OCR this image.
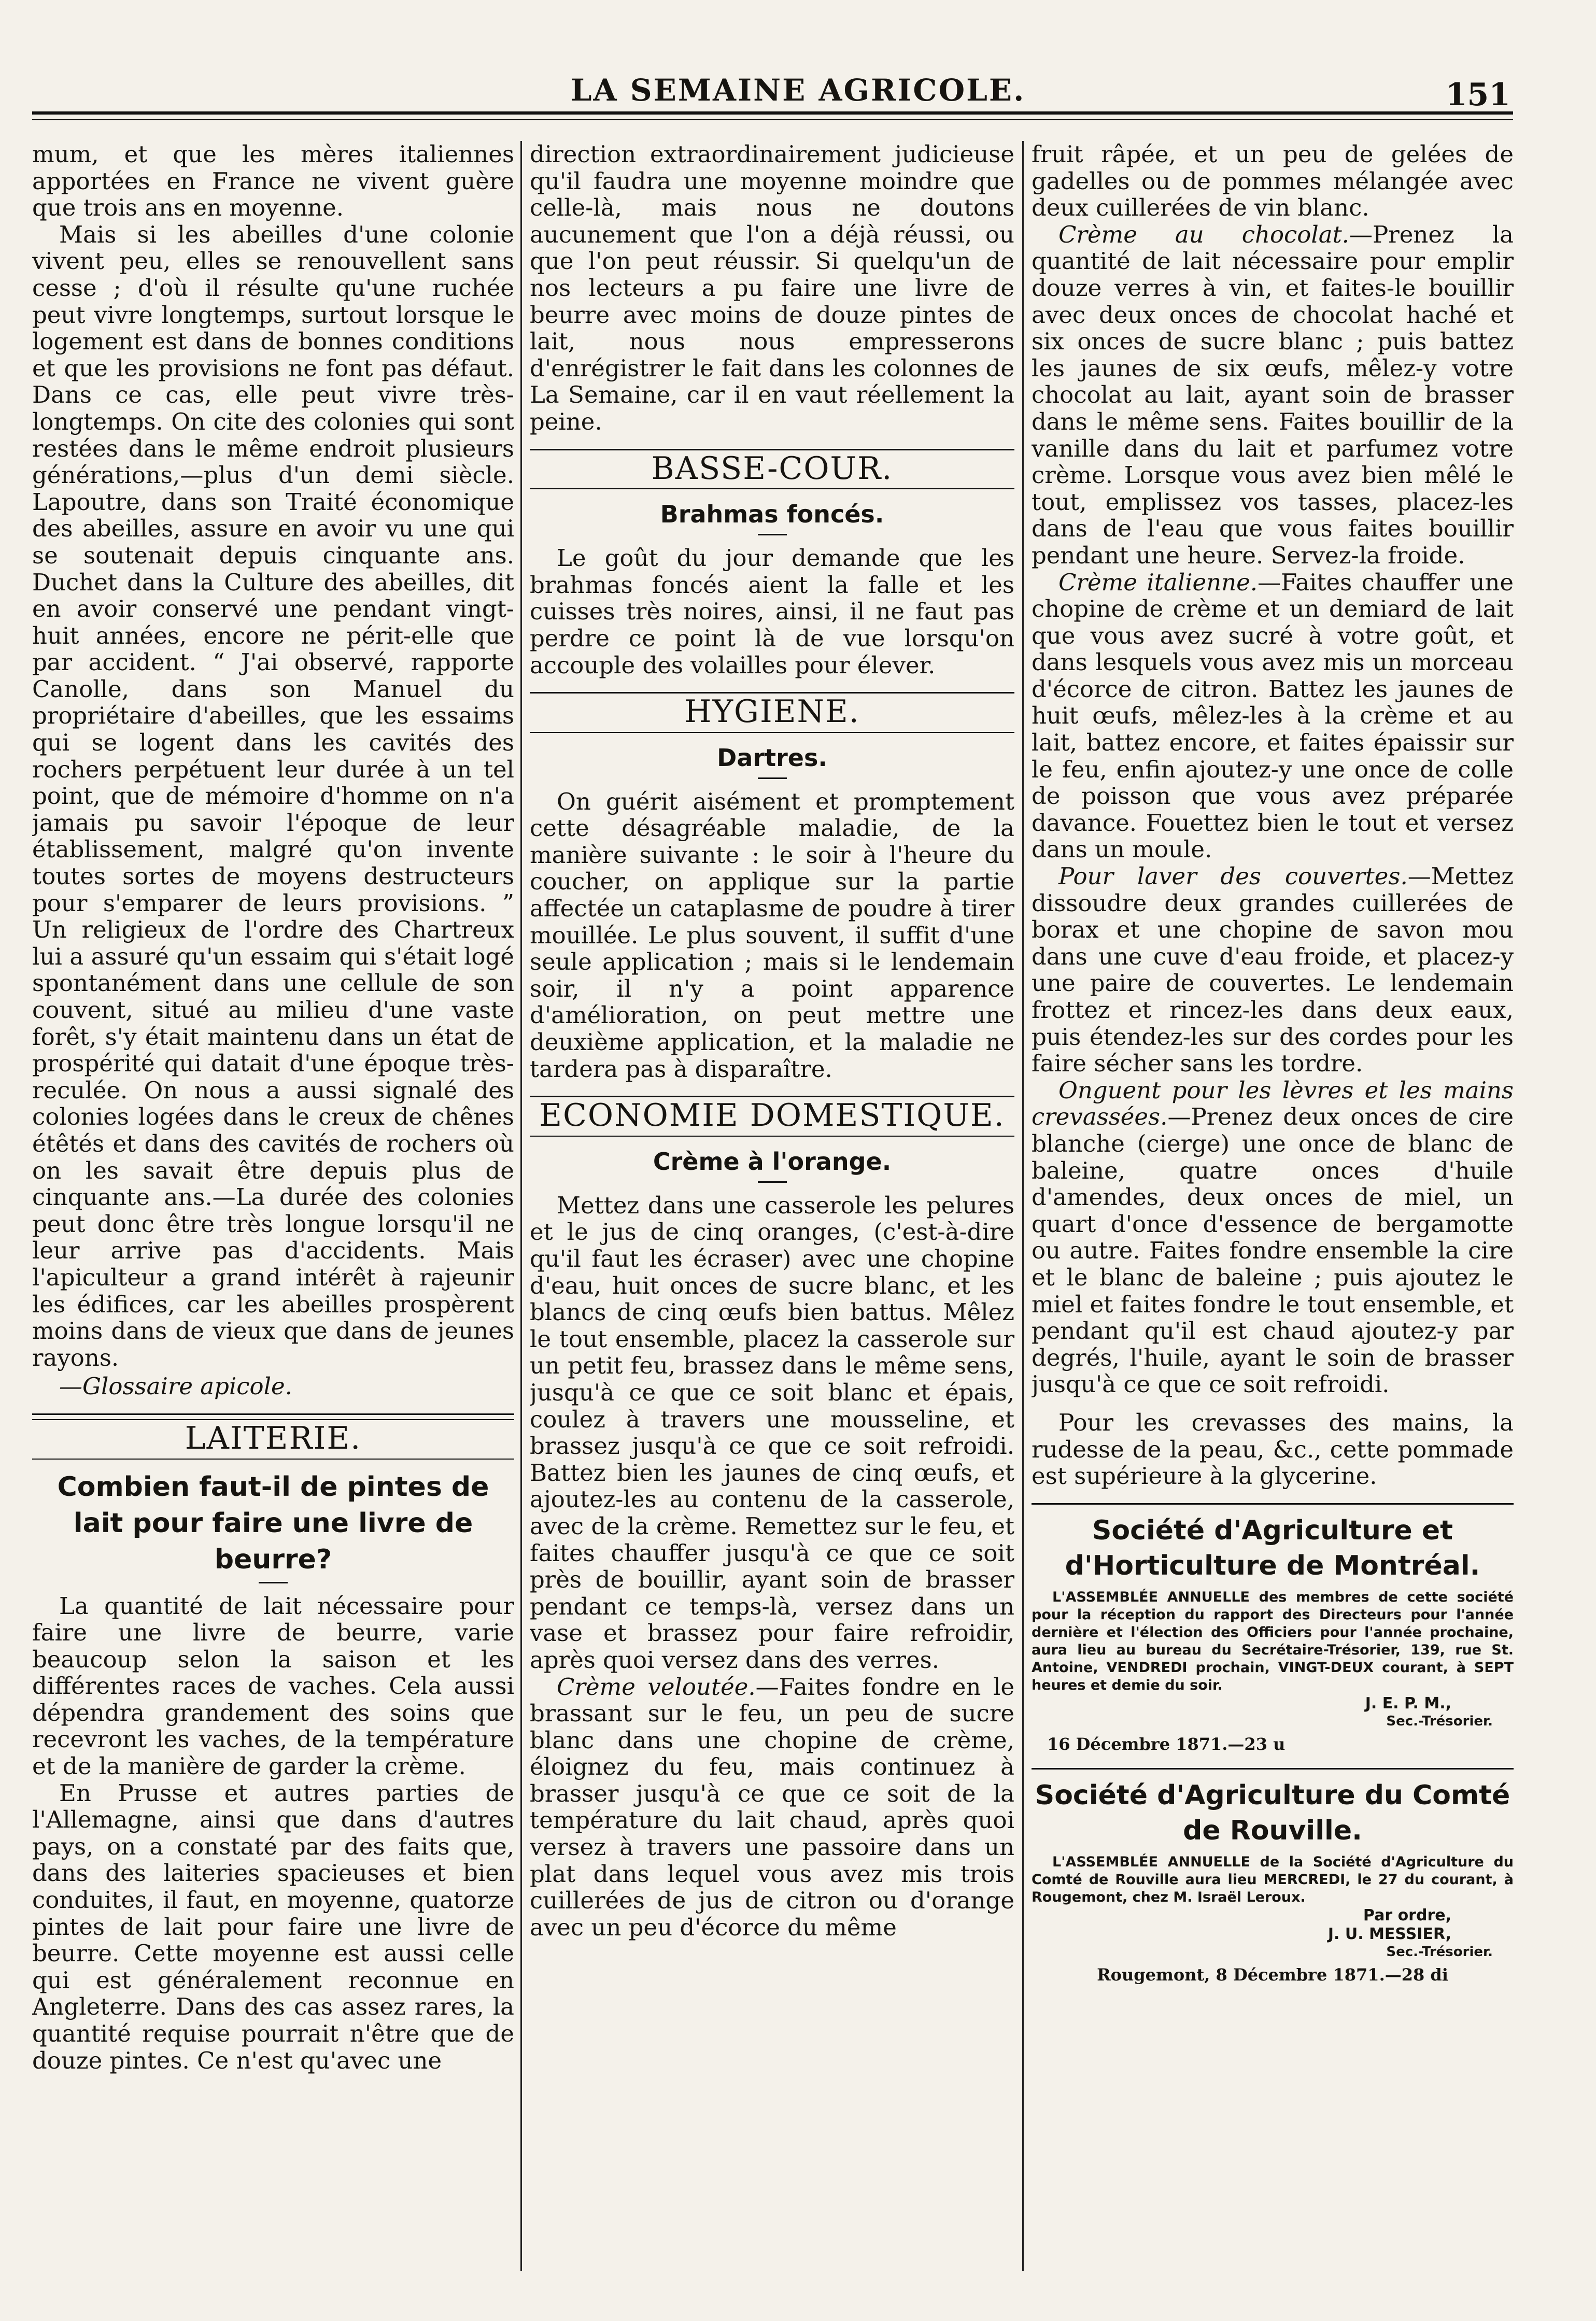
LA SEMAINE AGRICOLE.	151

mum, et que les mères italiennes apportées en France ne vivent guère que trois ans en moyenne.

Mais si les abeilles d'une colonie vivent peu, elles se renouvellent sans cesse ; d'où il résulte qu'une ruchée peut vivre longtemps, surtout lorsque le logement est dans de bonnes conditions et que les provisions ne font pas défaut. Dans ce cas, elle peut vivre très-longtemps. On cite des colonies qui sont restées dans le même endroit plusieurs générations,—plus d'un demi siècle. Lapoutre, dans son Traité économique des abeilles, assure en avoir vu une qui se soutenait depuis cinquante ans. Duchet dans la Culture des abeilles, dit en avoir conservé une pendant vingt-huit années, encore ne périt-elle que par accident. “ J'ai observé, rapporte Canolle, dans son Manuel du propriétaire d'abeilles, que les essaims qui se logent dans les cavités des rochers perpétuent leur durée à un tel point, que de mémoire d'homme on n'a jamais pu savoir l'époque de leur établissement, malgré qu'on invente toutes sortes de moyens destructeurs pour s'emparer de leurs provisions. ” Un religieux de l'ordre des Chartreux lui a assuré qu'un essaim qui s'était logé spontanément dans une cellule de son couvent, situé au milieu d'une vaste forêt, s'y était maintenu dans un état de prospérité qui datait d'une époque très-reculée. On nous a aussi signalé des colonies logées dans le creux de chênes étêtés et dans des cavités de rochers où on les savait être depuis plus de cinquante ans.—La durée des colonies peut donc être très longue lorsqu'il ne leur arrive pas d'accidents. Mais l'apiculteur a grand intérêt à rajeunir les édifices, car les abeilles prospèrent moins dans de vieux que dans de jeunes rayons.

—Glossaire apicole.

LAITERIE.
Combien faut-il de pintes de lait pour faire une livre de beurre?

La quantité de lait nécessaire pour faire une livre de beurre, varie beaucoup selon la saison et les différentes races de vaches. Cela aussi dépendra grandement des soins que recevront les vaches, de la température et de la manière de garder la crème.

En Prusse et autres parties de l'Allemagne, ainsi que dans d'autres pays, on a constaté par des faits que, dans des laiteries spacieuses et bien conduites, il faut, en moyenne, quatorze pintes de lait pour faire une livre de beurre. Cette moyenne est aussi celle qui est généralement reconnue en Angleterre. Dans des cas assez rares, la quantité requise pourrait n'être que de douze pintes. Ce n'est qu'avec une

direction extraordinairement judicieuse qu'il faudra une moyenne moindre que celle-là, mais nous ne doutons aucunement que l'on a déjà réussi, ou que l'on peut réussir. Si quelqu'un de nos lecteurs a pu faire une livre de beurre avec moins de douze pintes de lait, nous nous empresserons d'enrégistrer le fait dans les colonnes de La Semaine, car il en vaut réellement la peine.

BASSE-COUR.
Brahmas foncés.

Le goût du jour demande que les brahmas foncés aient la falle et les cuisses très noires, ainsi, il ne faut pas perdre ce point là de vue lorsqu'on accouple des volailles pour élever.

HYGIENE.
Dartres.

On guérit aisément et promptement cette désagréable maladie, de la manière suivante : le soir à l'heure du coucher, on applique sur la partie affectée un cataplasme de poudre à tirer mouillée. Le plus souvent, il suffit d'une seule application ; mais si le lendemain soir, il n'y a point apparence d'amélioration, on peut mettre une deuxième application, et la maladie ne tardera pas à disparaître.

ECONOMIE DOMESTIQUE.
Crème à l'orange.

Mettez dans une casserole les pelures et le jus de cinq oranges, (c'est-à-dire qu'il faut les écraser) avec une chopine d'eau, huit onces de sucre blanc, et les blancs de cinq œufs bien battus. Mêlez le tout ensemble, placez la casserole sur un petit feu, brassez dans le même sens, jusqu'à ce que ce soit blanc et épais, coulez à travers une mousseline, et brassez jusqu'à ce que ce soit refroidi. Battez bien les jaunes de cinq œufs, et ajoutez-les au contenu de la casserole, avec de la crème. Remettez sur le feu, et faites chauffer jusqu'à ce que ce soit près de bouillir, ayant soin de brasser pendant ce temps-là, versez dans un vase et brassez pour faire refroidir, après quoi versez dans des verres.

Crème veloutée.—Faites fondre en le brassant sur le feu, un peu de sucre blanc dans une chopine de crème, éloignez du feu, mais continuez à brasser jusqu'à ce que ce soit de la température du lait chaud, après quoi versez à travers une passoire dans un plat dans lequel vous avez mis trois cuillerées de jus de citron ou d'orange avec un peu d'écorce du même

fruit râpée, et un peu de gelées de gadelles ou de pommes mélangée avec deux cuillerées de vin blanc.

Crème au chocolat.—Prenez la quantité de lait nécessaire pour emplir douze verres à vin, et faites-le bouillir avec deux onces de chocolat haché et six onces de sucre blanc ; puis battez les jaunes de six œufs, mêlez-y votre chocolat au lait, ayant soin de brasser dans le même sens. Faites bouillir de la vanille dans du lait et parfumez votre crème. Lorsque vous avez bien mêlé le tout, emplissez vos tasses, placez-les dans de l'eau que vous faites bouillir pendant une heure. Servez-la froide.

Crème italienne.—Faites chauffer une chopine de crème et un demiard de lait que vous avez sucré à votre goût, et dans lesquels vous avez mis un morceau d'écorce de citron. Battez les jaunes de huit œufs, mêlez-les à la crème et au lait, battez encore, et faites épaissir sur le feu, enfin ajoutez-y une once de colle de poisson que vous avez préparée davance. Fouettez bien le tout et versez dans un moule.

Pour laver des couvertes.—Mettez dissoudre deux grandes cuillerées de borax et une chopine de savon mou dans une cuve d'eau froide, et placez-y une paire de couvertes. Le lendemain frottez et rincez-les dans deux eaux, puis étendez-les sur des cordes pour les faire sécher sans les tordre.

Onguent pour les lèvres et les mains crevassées.—Prenez deux onces de cire blanche (cierge) une once de blanc de baleine, quatre onces d'huile d'amendes, deux onces de miel, un quart d'once d'essence de bergamotte ou autre. Faites fondre ensemble la cire et le blanc de baleine ; puis ajoutez le miel et faites fondre le tout ensemble, et pendant qu'il est chaud ajoutez-y par degrés, l'huile, ayant le soin de brasser jusqu'à ce que ce soit refroidi.

Pour les crevasses des mains, la rudesse de la peau, &c., cette pommade est supérieure à la glycerine.

Société d'Agriculture et d'Horticulture de Montréal.
L'ASSEMBLÉE ANNUELLE des membres de cette société pour la réception du rapport des Directeurs pour l'année dernière et l'élection des Officiers pour l'année prochaine, aura lieu au bureau du Secrétaire-Trésorier, 139, rue St. Antoine, VENDREDI prochain, VINGT-DEUX courant, à SEPT heures et demie du soir.
J. E. P. M.,
Sec.-Trésorier.
16 Décembre 1871.—23 u
Société d'Agriculture du Comté de Rouville.
L'ASSEMBLÉE ANNUELLE de la Société d'Agriculture du Comté de Rouville aura lieu MERCREDI, le 27 du courant, à Rougemont, chez M. Israël Leroux.
Par ordre,
J. U. MESSIER,
Sec.-Trésorier.
Rougemont, 8 Décembre 1871.—28 di
